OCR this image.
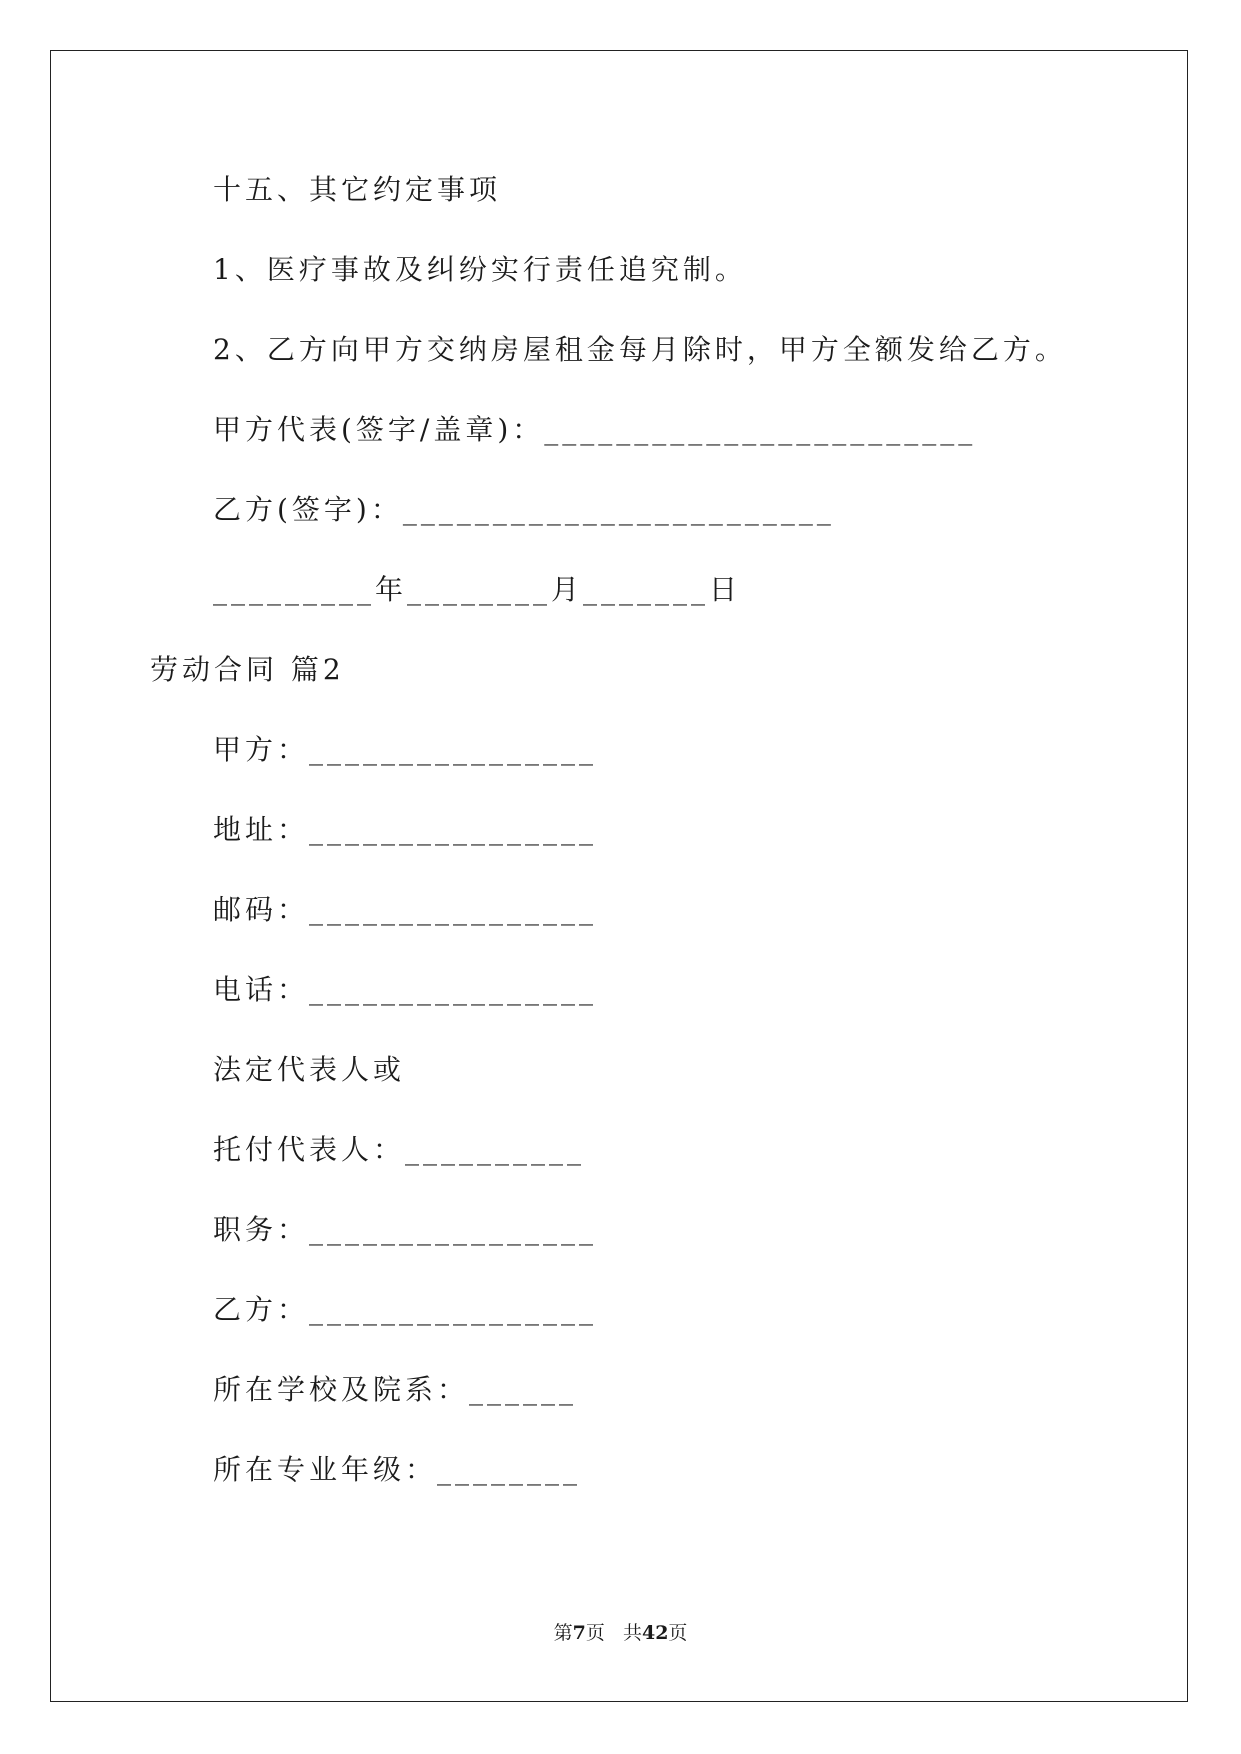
十五、其它约定事项
1、医疗事故及纠纷实行责任追究制。
2、乙方向甲方交纳房屋租金每月除时，甲方全额发给乙方。
甲方代表(签字/盖章)：________________________
乙方(签字)：________________________
_________年________月_______日
劳动合同 篇2
甲方：________________
地址：________________
邮码：________________
电话：________________
法定代表人或
托付代表人：__________
职务：________________
乙方：________________
所在学校及院系：______
所在专业年级：________
第7页 共42页
